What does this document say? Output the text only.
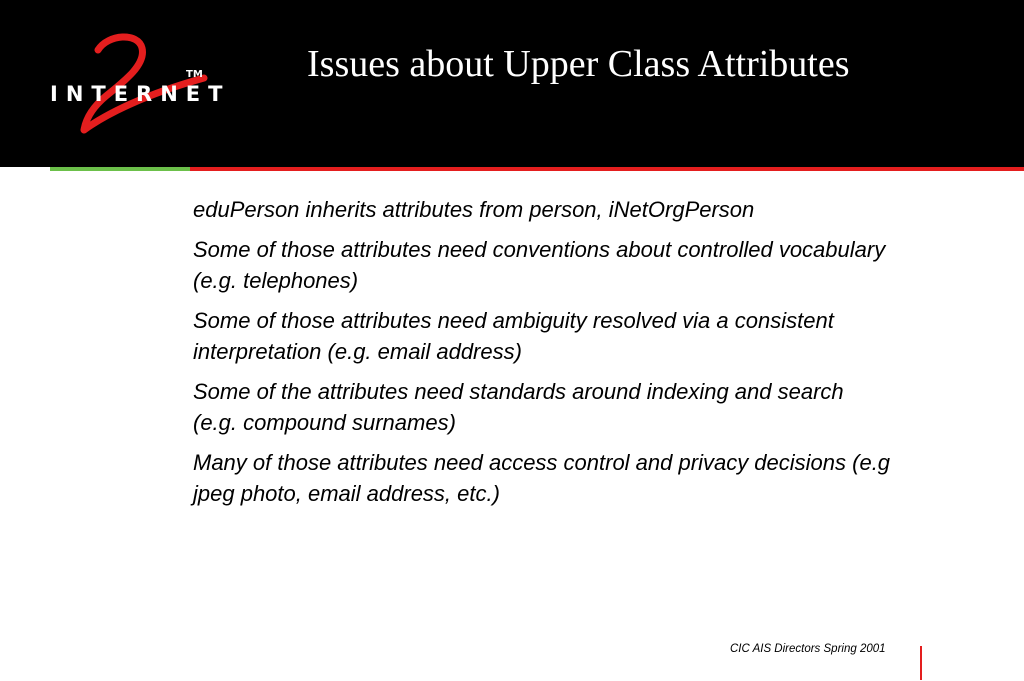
INTERNET
TM	Issues about Upper Class Attributes

eduPerson inherits attributes from person, iNetOrgPerson

Some of those attributes need conventions about controlled vocabulary (e.g. telephones)

Some of those attributes need ambiguity resolved via a consistent interpretation (e.g. email address)

Some of the attributes need standards around indexing and search (e.g. compound surnames)

Many of those attributes need access control and privacy decisions (e.g jpeg photo, email address, etc.)

CIC AIS Directors Spring 2001
